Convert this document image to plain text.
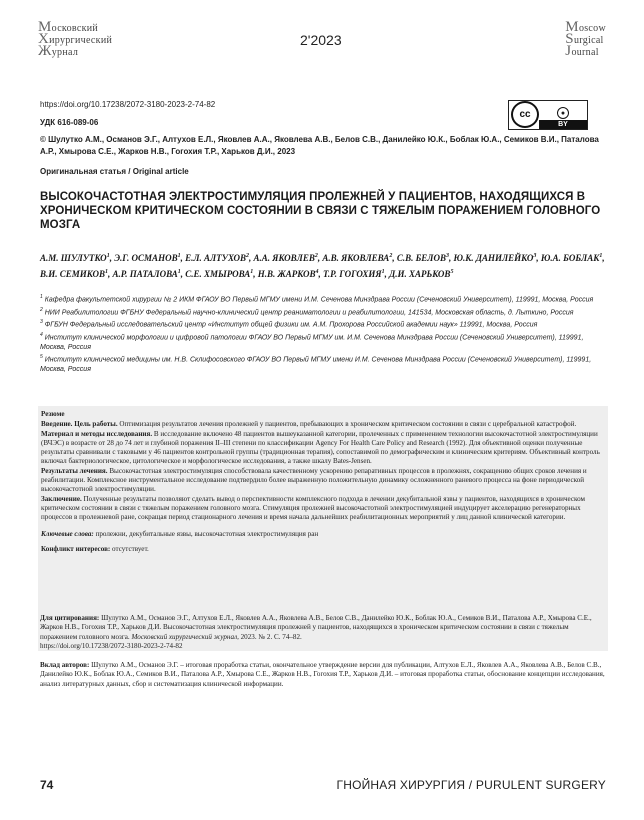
Московский
Хирургический
Журнал
2'2023
Moscow
Surgical
Journal
https://doi.org/10.17238/2072-3180-2023-2-74-82
УДК 616-089-06
cc	●
BY
© Шулутко А.М., Османов Э.Г., Алтухов Е.Л., Яковлев А.А., Яковлева А.В., Белов С.В., Данилейко Ю.К., Боблак Ю.А., Семиков В.И., Паталова А.Р., Хмырова С.Е., Жарков Н.В., Гогохия Т.Р., Харьков Д.И., 2023
Оригинальная статья / Original article
ВЫСОКОЧАСТОТНАЯ ЭЛЕКТРОСТИМУЛЯЦИЯ ПРОЛЕЖНЕЙ У ПАЦИЕНТОВ, НАХОДЯЩИХСЯ В ХРОНИЧЕСКОМ КРИТИЧЕСКОМ СОСТОЯНИИ В СВЯЗИ С ТЯЖЕЛЫМ ПОРАЖЕНИЕМ ГОЛОВНОГО МОЗГА
А.М. ШУЛУТКО$^1$, Э.Г. ОСМАНОВ$^1$, Е.Л. АЛТУХОВ$^2$, А.А. ЯКОВЛЕВ$^2$, А.В. ЯКОВЛЕВА$^2$, С.В. БЕЛОВ$^3$, Ю.К. ДАНИЛЕЙКО$^3$, Ю.А. БОБЛАК$^1$, В.И. СЕМИКОВ$^1$, А.Р. ПАТАЛОВА$^1$, С.Е. ХМЫРОВА$^1$, Н.В. ЖАРКОВ$^4$, Т.Р. ГОГОХИЯ$^1$, Д.И. ХАРЬКОВ$^5$

$^1$ Кафедра факультетской хирургии № 2 ИКМ ФГАОУ ВО Первый МГМУ имени И.М. Сеченова Минздрава России (Сеченовский Университет), 119991, Москва, Россия

$^2$ НИИ Реабилитологии ФГБНУ Федеральный научно-клинический центр реаниматологии и реабилитологии, 141534, Московская область, д. Лыткино, Россия

$^3$ ФГБУН Федеральный исследовательский центр «Институт общей физики им. А.М. Прохорова Российской академии наук» 119991, Москва, Россия

$^4$ Институт клинической морфологии и цифровой патологии ФГАОУ ВО Первый МГМУ им. И.М. Сеченова Минздрава России (Сеченовский Университет), 119991, Москва, Россия

$^5$ Институт клинической медицины им. Н.В. Склифосовского ФГАОУ ВО Первый МГМУ имени И.М. Сеченова Минздрава России (Сеченовский Университет), 119991, Москва, Россия

Резюме

Введение. Цель работы. Оптимизация результатов лечения пролежней у пациентов, пребывающих в хроническом критическом состоянии в связи с церебральной катастрофой.

Материал и методы исследования. В исследование включено 48 пациентов вышеуказанной категории, пролеченных с применением технологии высокочастотной электростимуляции (ВЧЭС) в возрасте от 28 до 74 лет и глубиной поражения II–III степени по классификации Agency For Health Care Policy and Research (1992). Для объективной оценки полученные результаты сравнивали с таковыми у 46 пациентов контрольной группы (традиционная терапия), сопоставимой по демографическим и клиническим критериям. Объективный контроль включал бактериологическое, цитологическое и морфологическое исследования, а также шкалу Bates-Jensen.

Результаты лечения. Высокочастотная электростимуляция способствовала качественному ускорению репаративных процессов в пролежнях, сокращению общих сроков лечения и реабилитации. Комплексное инструментальное исследование подтвердило более выраженную положительную динамику осложненного раневого процесса на фоне периодической высокочастотной электростимуляции.

Заключение. Полученные результаты позволяют сделать вывод о перспективности комплексного подхода в лечении декубитальной язвы у пациентов, находящихся в хроническом критическом состоянии в связи с тяжелым поражением головного мозга. Стимуляция пролежней высокочастотной электростимуляцией индуцирует акселерацию регенераторных процессов в пролежневой ране, сокращая период стационарного лечения и время начала дальнейших реабилитационных мероприятий у лиц данной клинической категории.

Ключевые слова: пролежни, декубитальные язвы, высокочастотная электростимуляция ран

Конфликт интересов: отсутствует.

Для цитирования: Шулутко А.М., Османов Э.Г., Алтухов Е.Л., Яковлев А.А., Яковлева А.В., Белов С.В., Данилейко Ю.К., Боблак Ю.А., Семиков В.И., Паталова А.Р., Хмырова С.Е., Жарков Н.В., Гогохия Т.Р., Харьков Д.И. Высокочастотная электростимуляция пролежней у пациентов, находящихся в хроническом критическом состоянии в связи с тяжелым поражением головного мозга. Московский хирургический журнал, 2023. № 2. С. 74–82.
https://doi.org/10.17238/2072-3180-2023-2-74-82
Вклад авторов: Шулутко А.М., Османов Э.Г. – итоговая проработка статьи, окончательное утверждение версии для публикации, Алтухов Е.Л., Яковлев А.А., Яковлева А.В., Белов С.В., Данилейко Ю.К., Боблак Ю.А., Семиков В.И., Паталова А.Р., Хмырова С.Е., Жарков Н.В., Гогохия Т.Р., Харьков Д.И. – итоговая проработка статьи, обоснование концепции исследования, анализ литературных данных, сбор и систематизация клинической информации.
74	ГНОЙНАЯ ХИРУРГИЯ / PURULENT SURGERY
